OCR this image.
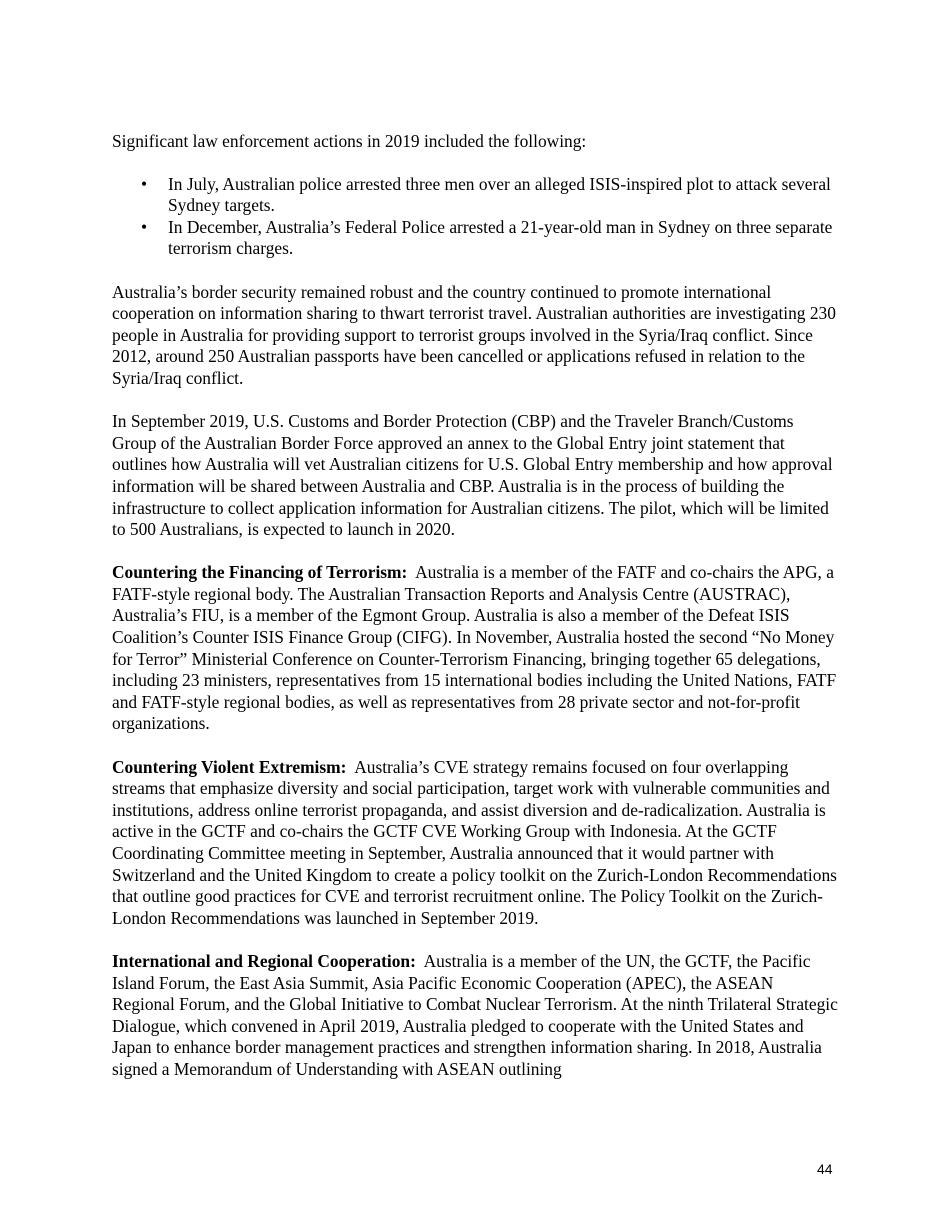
Significant law enforcement actions in 2019 included the following:

• In July, Australian police arrested three men over an alleged ISIS-inspired plot to attack several Sydney targets.
• In December, Australia’s Federal Police arrested a 21-year-old man in Sydney on three separate terrorism charges.

Australia’s border security remained robust and the country continued to promote international cooperation on information sharing to thwart terrorist travel. Australian authorities are investigating 230 people in Australia for providing support to terrorist groups involved in the Syria/Iraq conflict. Since 2012, around 250 Australian passports have been cancelled or applications refused in relation to the Syria/Iraq conflict.

In September 2019, U.S. Customs and Border Protection (CBP) and the Traveler Branch/Customs Group of the Australian Border Force approved an annex to the Global Entry joint statement that outlines how Australia will vet Australian citizens for U.S. Global Entry membership and how approval information will be shared between Australia and CBP. Australia is in the process of building the infrastructure to collect application information for Australian citizens. The pilot, which will be limited to 500 Australians, is expected to launch in 2020.

Countering the Financing of Terrorism: Australia is a member of the FATF and co-chairs the APG, a FATF-style regional body. The Australian Transaction Reports and Analysis Centre (AUSTRAC), Australia’s FIU, is a member of the Egmont Group. Australia is also a member of the Defeat ISIS Coalition’s Counter ISIS Finance Group (CIFG). In November, Australia hosted the second “No Money for Terror” Ministerial Conference on Counter-Terrorism Financing, bringing together 65 delegations, including 23 ministers, representatives from 15 international bodies including the United Nations, FATF and FATF-style regional bodies, as well as representatives from 28 private sector and not-for-profit organizations.

Countering Violent Extremism: Australia’s CVE strategy remains focused on four overlapping streams that emphasize diversity and social participation, target work with vulnerable communities and institutions, address online terrorist propaganda, and assist diversion and de-radicalization. Australia is active in the GCTF and co-chairs the GCTF CVE Working Group with Indonesia. At the GCTF Coordinating Committee meeting in September, Australia announced that it would partner with Switzerland and the United Kingdom to create a policy toolkit on the Zurich-London Recommendations that outline good practices for CVE and terrorist recruitment online. The Policy Toolkit on the Zurich-London Recommendations was launched in September 2019.

International and Regional Cooperation: Australia is a member of the UN, the GCTF, the Pacific Island Forum, the East Asia Summit, Asia Pacific Economic Cooperation (APEC), the ASEAN Regional Forum, and the Global Initiative to Combat Nuclear Terrorism. At the ninth Trilateral Strategic Dialogue, which convened in April 2019, Australia pledged to cooperate with the United States and Japan to enhance border management practices and strengthen information sharing. In 2018, Australia signed a Memorandum of Understanding with ASEAN outlining

44
